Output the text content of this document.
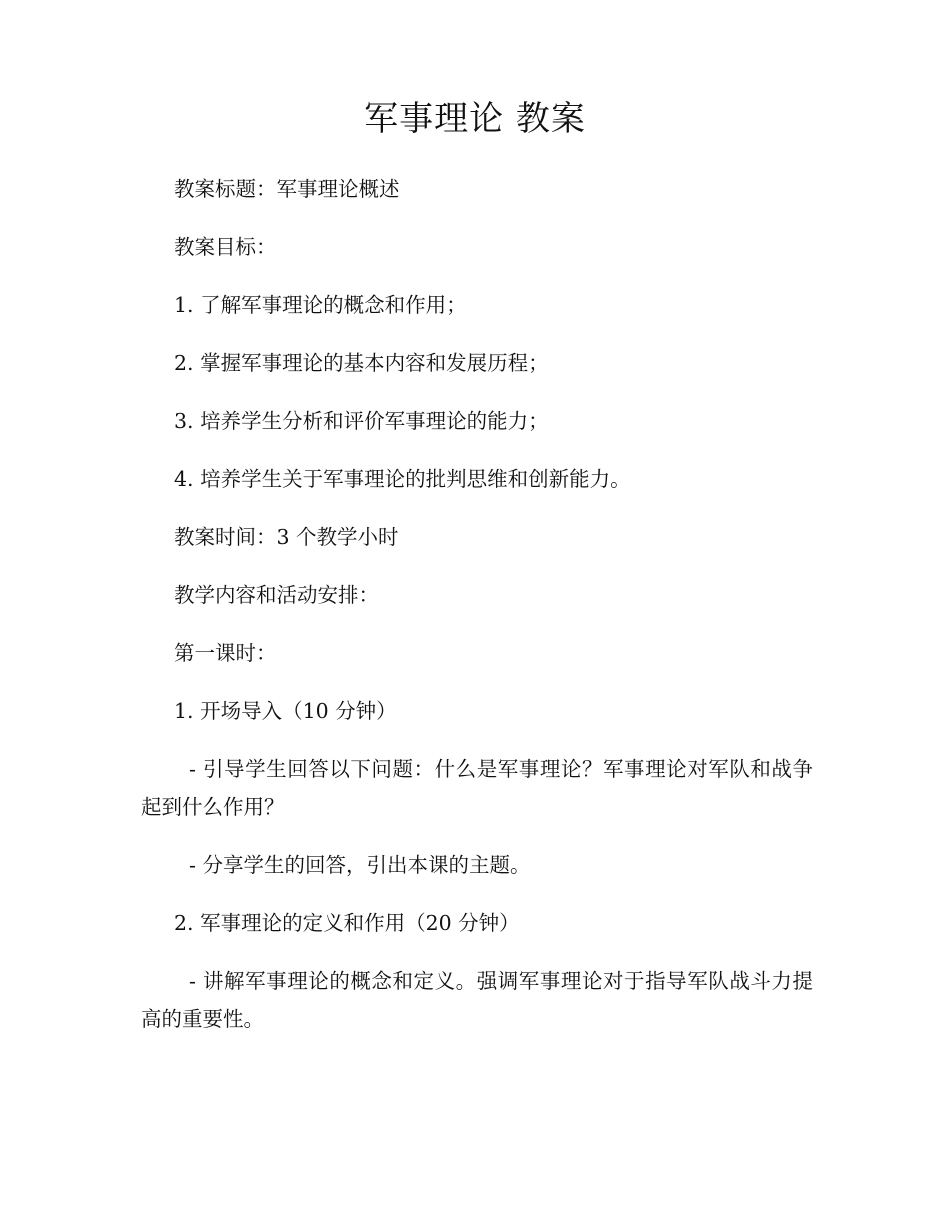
军事理论 教案

教案标题：军事理论概述

教案目标：

1. 了解军事理论的概念和作用；

2. 掌握军事理论的基本内容和发展历程；

3. 培养学生分析和评价军事理论的能力；

4. 培养学生关于军事理论的批判思维和创新能力。

教案时间：3 个教学小时

教学内容和活动安排：

第一课时：

1. 开场导入（10 分钟）

- 引导学生回答以下问题：什么是军事理论？军事理论对军队和战争起到什么作用？

- 分享学生的回答，引出本课的主题。

2. 军事理论的定义和作用（20 分钟）

- 讲解军事理论的概念和定义。强调军事理论对于指导军队战斗力提高的重要性。
